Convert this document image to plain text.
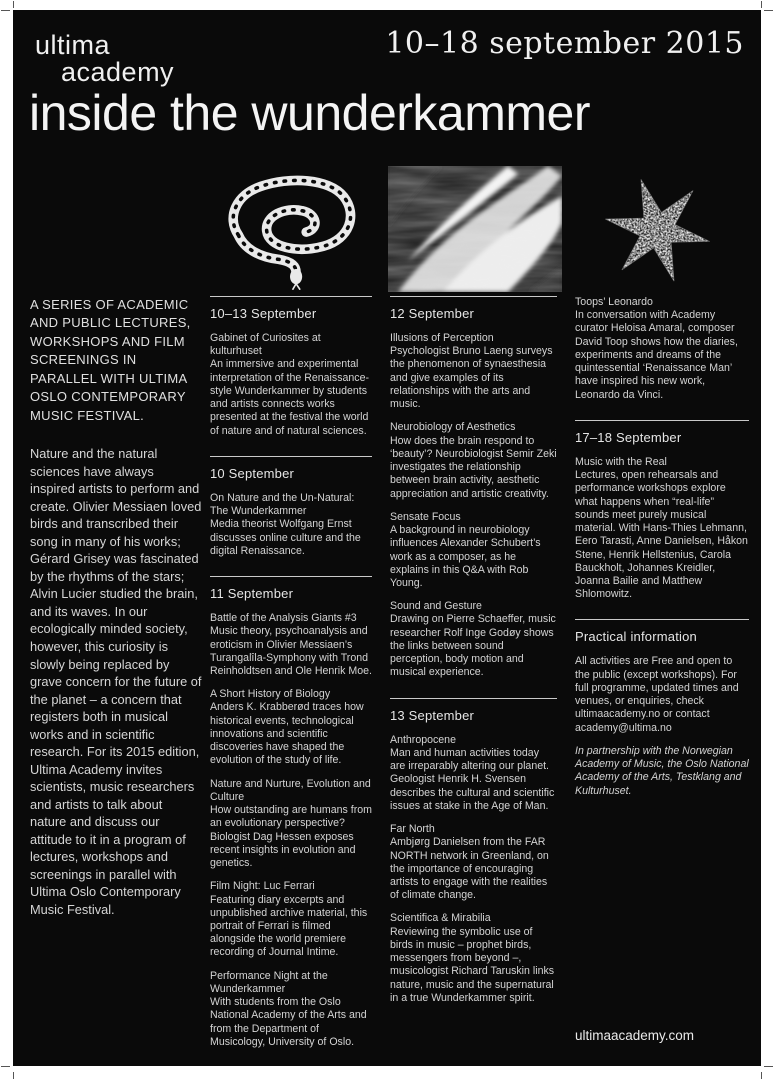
ultima
academy
10–18 september 2015
inside the wunderkammer

A SERIES OF ACADEMIC AND PUBLIC LECTURES, WORKSHOPS AND FILM SCREENINGS IN PARALLEL WITH ULTIMA OSLO CONTEMPORARY MUSIC FESTIVAL.

Nature and the natural sciences have always inspired artists to perform and create. Olivier Messiaen loved birds and transcribed their song in many of his works; Gérard Grisey was fascinated by the rhythms of the stars; Alvin Lucier studied the brain, and its waves. In our ecologically minded society, however, this curiosity is slowly being replaced by grave concern for the future of the planet – a concern that registers both in musical works and in scientific research. For its 2015 edition, Ultima Academy invites scientists, music researchers and artists to talk about nature and discuss our attitude to it in a program of lectures, workshops and screenings in parallel with Ultima Oslo Contemporary Music Festival.

10–13 September
Gabinet of Curiosites at kulturhuset
An immersive and experimental interpretation of the Renaissance-style Wunderkammer by students and artists connects works presented at the festival the world of nature and of natural sciences.
10 September
On Nature and the Un-Natural: The Wunderkammer
Media theorist Wolfgang Ernst discusses online culture and the digital Renaissance.
11 September
Battle of the Analysis Giants #3
Music theory, psychoanalysis and eroticism in Olivier Messiaen’s Turangalîla-Symphony with Trond Reinholdtsen and Ole Henrik Moe.
A Short History of Biology
Anders K. Krabberød traces how historical events, technological innovations and scientific discoveries have shaped the evolution of the study of life.
Nature and Nurture, Evolution and Culture
How outstanding are humans from an evolutionary perspective? Biologist Dag Hessen exposes recent insights in evolution and genetics.
Film Night: Luc Ferrari
Featuring diary excerpts and unpublished archive material, this portrait of Ferrari is filmed alongside the world premiere recording of Journal Intime.
Performance Night at the Wunderkammer
With students from the Oslo National Academy of the Arts and from the Department of Musicology, University of Oslo.
12 September
Illusions of Perception
Psychologist Bruno Laeng surveys the phenomenon of synaesthesia and give examples of its relationships with the arts and music.
Neurobiology of Aesthetics
How does the brain respond to ‘beauty’? Neurobiologist Semir Zeki investigates the relationship between brain activity, aesthetic appreciation and artistic creativity.
Sensate Focus
A background in neurobiology influences Alexander Schubert’s work as a composer, as he explains in this Q&A with Rob Young.
Sound and Gesture
Drawing on Pierre Schaeffer, music researcher Rolf Inge Godøy shows the links between sound perception, body motion and musical experience.
13 September
Anthropocene
Man and human activities today are irreparably altering our planet. Geologist Henrik H. Svensen describes the cultural and scientific issues at stake in the Age of Man.
Far North
Ambjørg Danielsen from the FAR NORTH network in Greenland, on the importance of encouraging artists to engage with the realities of climate change.
Scientifica & Mirabilia
Reviewing the symbolic use of birds in music – prophet birds, messengers from beyond –, musicologist Richard Taruskin links nature, music and the supernatural in a true Wunderkammer spirit.
Toops’ Leonardo
In conversation with Academy curator Heloisa Amaral, composer David Toop shows how the diaries, experiments and dreams of the quintessential ‘Renaissance Man’ have inspired his new work, Leonardo da Vinci.
17–18 September
Music with the Real
Lectures, open rehearsals and performance workshops explore what happens when “real-life” sounds meet purely musical material. With Hans-Thies Lehmann, Eero Tarasti, Anne Danielsen, Håkon Stene, Henrik Hellstenius, Carola Bauckholt, Johannes Kreidler, Joanna Bailie and Matthew Shlomowitz.
Practical information

All activities are Free and open to the public (except workshops). For full programme, updated times and venues, or enquiries, check ultimaacademy.no or contact academy@ultima.no

In partnership with the Norwegian Academy of Music, the Oslo National Academy of the Arts, Testklang and Kulturhuset.

ultimaacademy.com
